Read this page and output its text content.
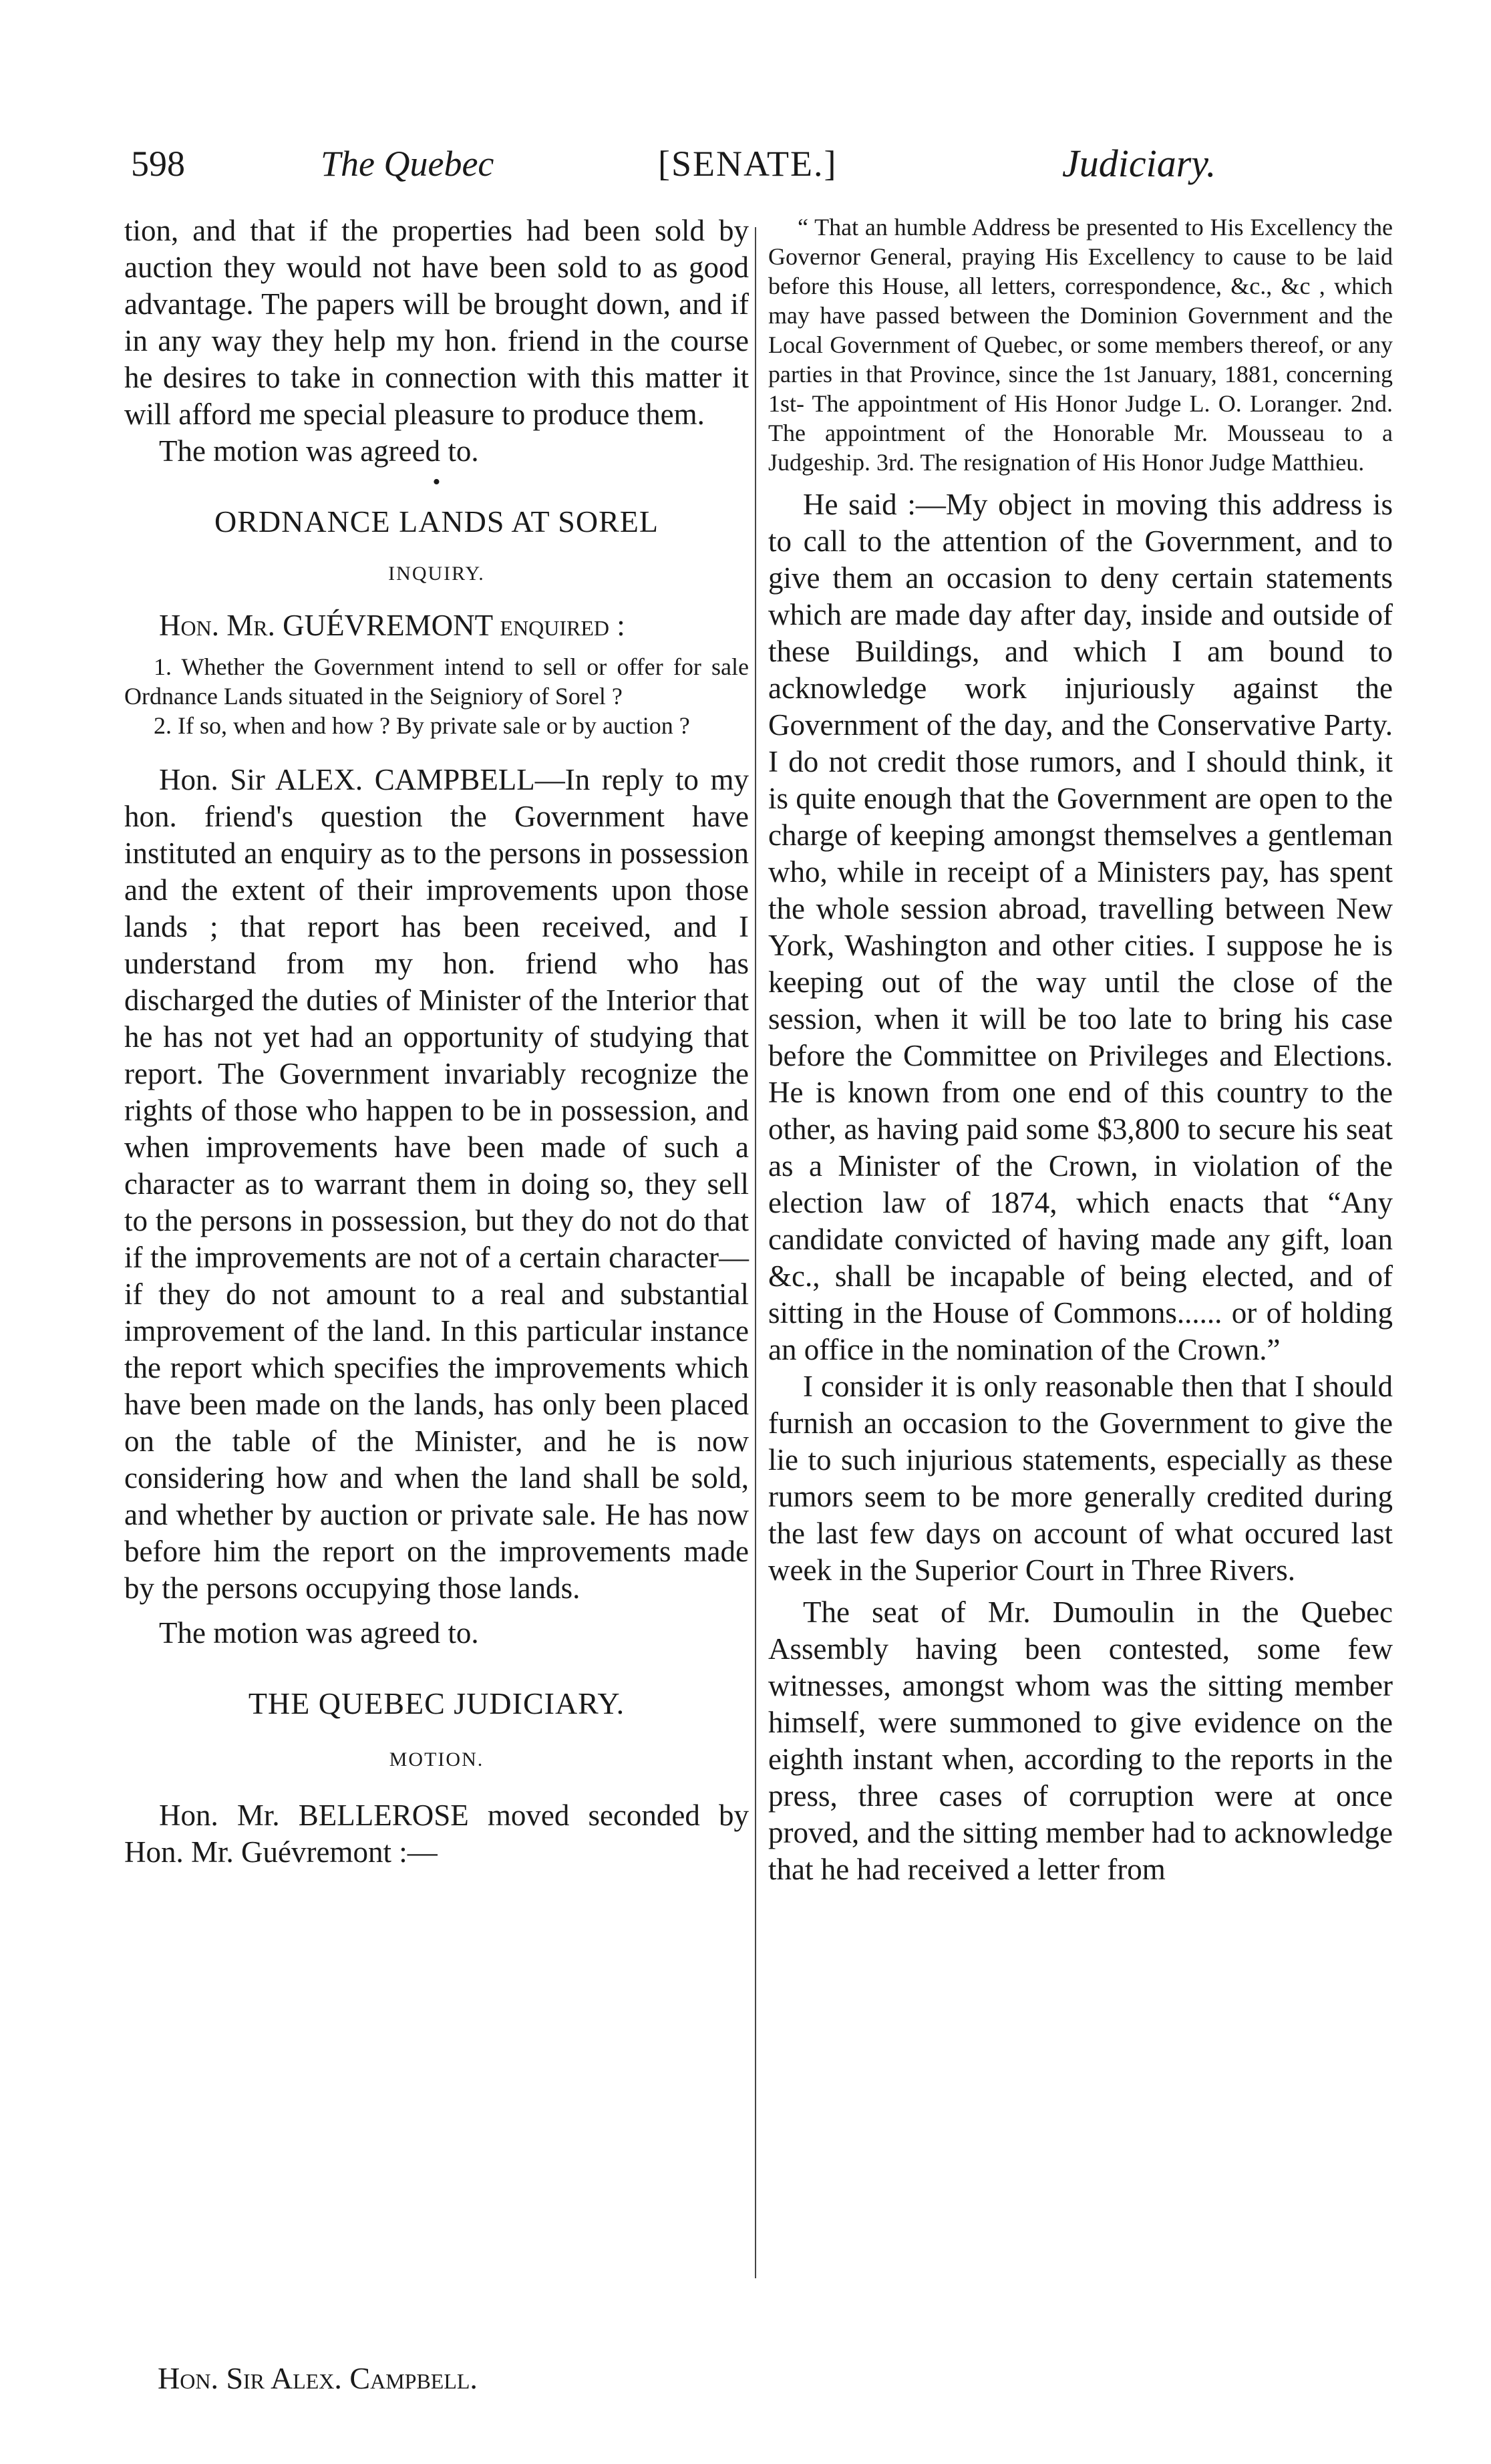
598	The Quebec	[SENATE.]	Judiciary.

tion, and that if the properties had been sold by auction they would not have been sold to as good advantage. The papers will be brought down, and if in any way they help my hon. friend in the course he desires to take in connection with this matter it will afford me special pleasure to produce them.

The motion was agreed to.

•

ORDNANCE LANDS AT SOREL

INQUIRY.

Hon. Mr. GUÉVREMONT enquired :

1. Whether the Government intend to sell or offer for sale Ordnance Lands situated in the Seigniory of Sorel ?

2. If so, when and how ? By private sale or by auction ?

Hon. Sir ALEX. CAMPBELL—In reply to my hon. friend's question the Government have instituted an enquiry as to the persons in possession and the extent of their improvements upon those lands ; that report has been received, and I understand from my hon. friend who has discharged the duties of Minister of the Interior that he has not yet had an opportunity of studying that report. The Government invariably recognize the rights of those who happen to be in possession, and when improvements have been made of such a character as to warrant them in doing so, they sell to the persons in possession, but they do not do that if the improvements are not of a certain character—if they do not amount to a real and substantial improvement of the land. In this particular instance the report which specifies the improvements which have been made on the lands, has only been placed on the table of the Minister, and he is now considering how and when the land shall be sold, and whether by auction or private sale. He has now before him the report on the improvements made by the persons occupying those lands.

The motion was agreed to.

THE QUEBEC JUDICIARY.

MOTION.

Hon. Mr. BELLEROSE moved seconded by Hon. Mr. Guévremont :—

“ That an humble Address be presented to His Excellency the Governor General, praying His Excellency to cause to be laid before this House, all letters, correspondence, &c., &c , which may have passed between the Dominion Government and the Local Government of Quebec, or some members thereof, or any parties in that Province, since the 1st January, 1881, concerning 1st- The appointment of His Honor Judge L. O. Loranger. 2nd. The appointment of the Honorable Mr. Mousseau to a Judgeship. 3rd. The resignation of His Honor Judge Matthieu.

He said :—My object in moving this address is to call to the attention of the Government, and to give them an occasion to deny certain statements which are made day after day, inside and outside of these Buildings, and which I am bound to acknowledge work injuriously against the Government of the day, and the Conservative Party. I do not credit those rumors, and I should think, it is quite enough that the Government are open to the charge of keeping amongst themselves a gentleman who, while in receipt of a Ministers pay, has spent the whole session abroad, travelling between New York, Washington and other cities. I suppose he is keeping out of the way until the close of the session, when it will be too late to bring his case before the Committee on Privileges and Elections. He is known from one end of this country to the other, as having paid some $3,800 to secure his seat as a Minister of the Crown, in violation of the election law of 1874, which enacts that “Any candidate convicted of having made any gift, loan &c., shall be incapable of being elected, and of sitting in the House of Commons...... or of holding an office in the nomination of the Crown.”

I consider it is only reasonable then that I should furnish an occasion to the Government to give the lie to such injurious statements, especially as these rumors seem to be more generally credited during the last few days on account of what occured last week in the Superior Court in Three Rivers.

The seat of Mr. Dumoulin in the Quebec Assembly having been contested, some few witnesses, amongst whom was the sitting member himself, were summoned to give evidence on the eighth instant when, according to the reports in the press, three cases of corruption were at once proved, and the sitting member had to acknowledge that he had received a letter from

Hon. Sir Alex. Campbell.
